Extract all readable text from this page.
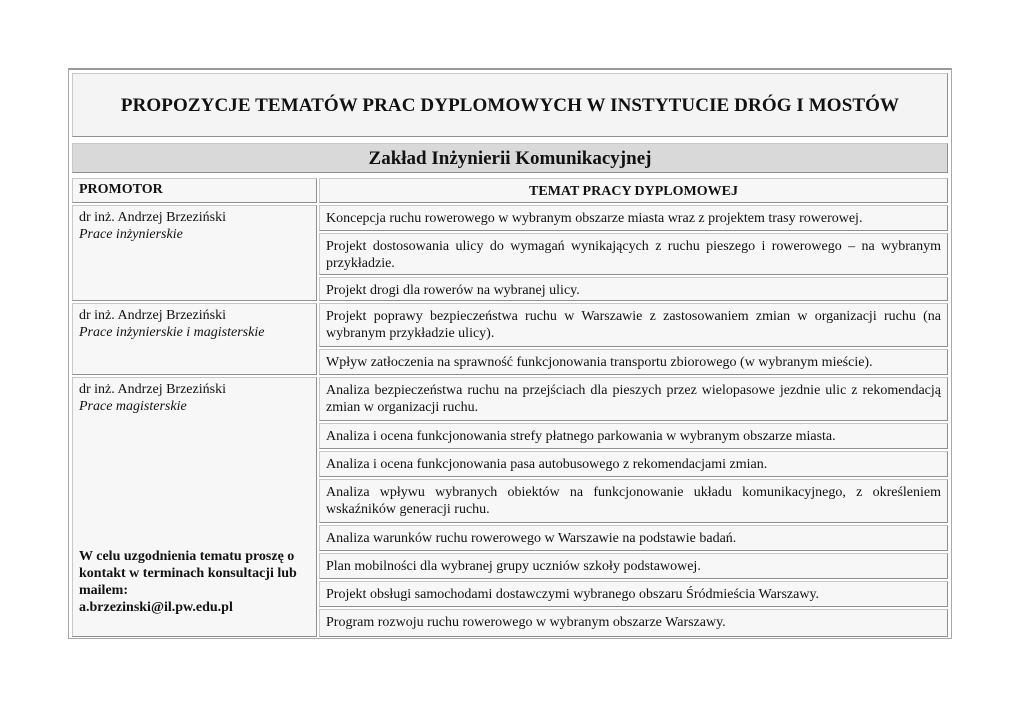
PROPOZYCJE TEMATÓW PRAC DYPLOMOWYCH W INSTYTUCIE DRÓG I MOSTÓW
Zakład Inżynierii Komunikacyjnej
PROMOTOR	TEMAT PRACY DYPLOMOWEJ
dr inż. Andrzej Brzeziński
Prace inżynierskie
Koncepcja ruchu rowerowego w wybranym obszarze miasta wraz z projektem trasy rowerowej.
Projekt dostosowania ulicy do wymagań wynikających z ruchu pieszego i rowerowego – na wybranym przykładzie.
Projekt drogi dla rowerów na wybranej ulicy.
dr inż. Andrzej Brzeziński
Prace inżynierskie i magisterskie
Projekt poprawy bezpieczeństwa ruchu w Warszawie z zastosowaniem zmian w organizacji ruchu (na wybranym przykładzie ulicy).
Wpływ zatłoczenia na sprawność funkcjonowania transportu zbiorowego (w wybranym mieście).
dr inż. Andrzej Brzeziński
Prace magisterskie
Analiza bezpieczeństwa ruchu na przejściach dla pieszych przez wielopasowe jezdnie ulic z rekomendacją zmian w organizacji ruchu.
Analiza i ocena funkcjonowania strefy płatnego parkowania w wybranym obszarze miasta.
Analiza i ocena funkcjonowania pasa autobusowego z rekomendacjami zmian.
Analiza wpływu wybranych obiektów na funkcjonowanie układu komunikacyjnego, z określeniem wskaźników generacji ruchu.
Analiza warunków ruchu rowerowego w Warszawie na podstawie badań.
Plan mobilności dla wybranej grupy uczniów szkoły podstawowej.
Projekt obsługi samochodami dostawczymi wybranego obszaru Śródmieścia Warszawy.
Program rozwoju ruchu rowerowego w wybranym obszarze Warszawy.
W celu uzgodnienia tematu proszę o kontakt w terminach konsultacji lub mailem:
a.brzezinski@il.pw.edu.pl
